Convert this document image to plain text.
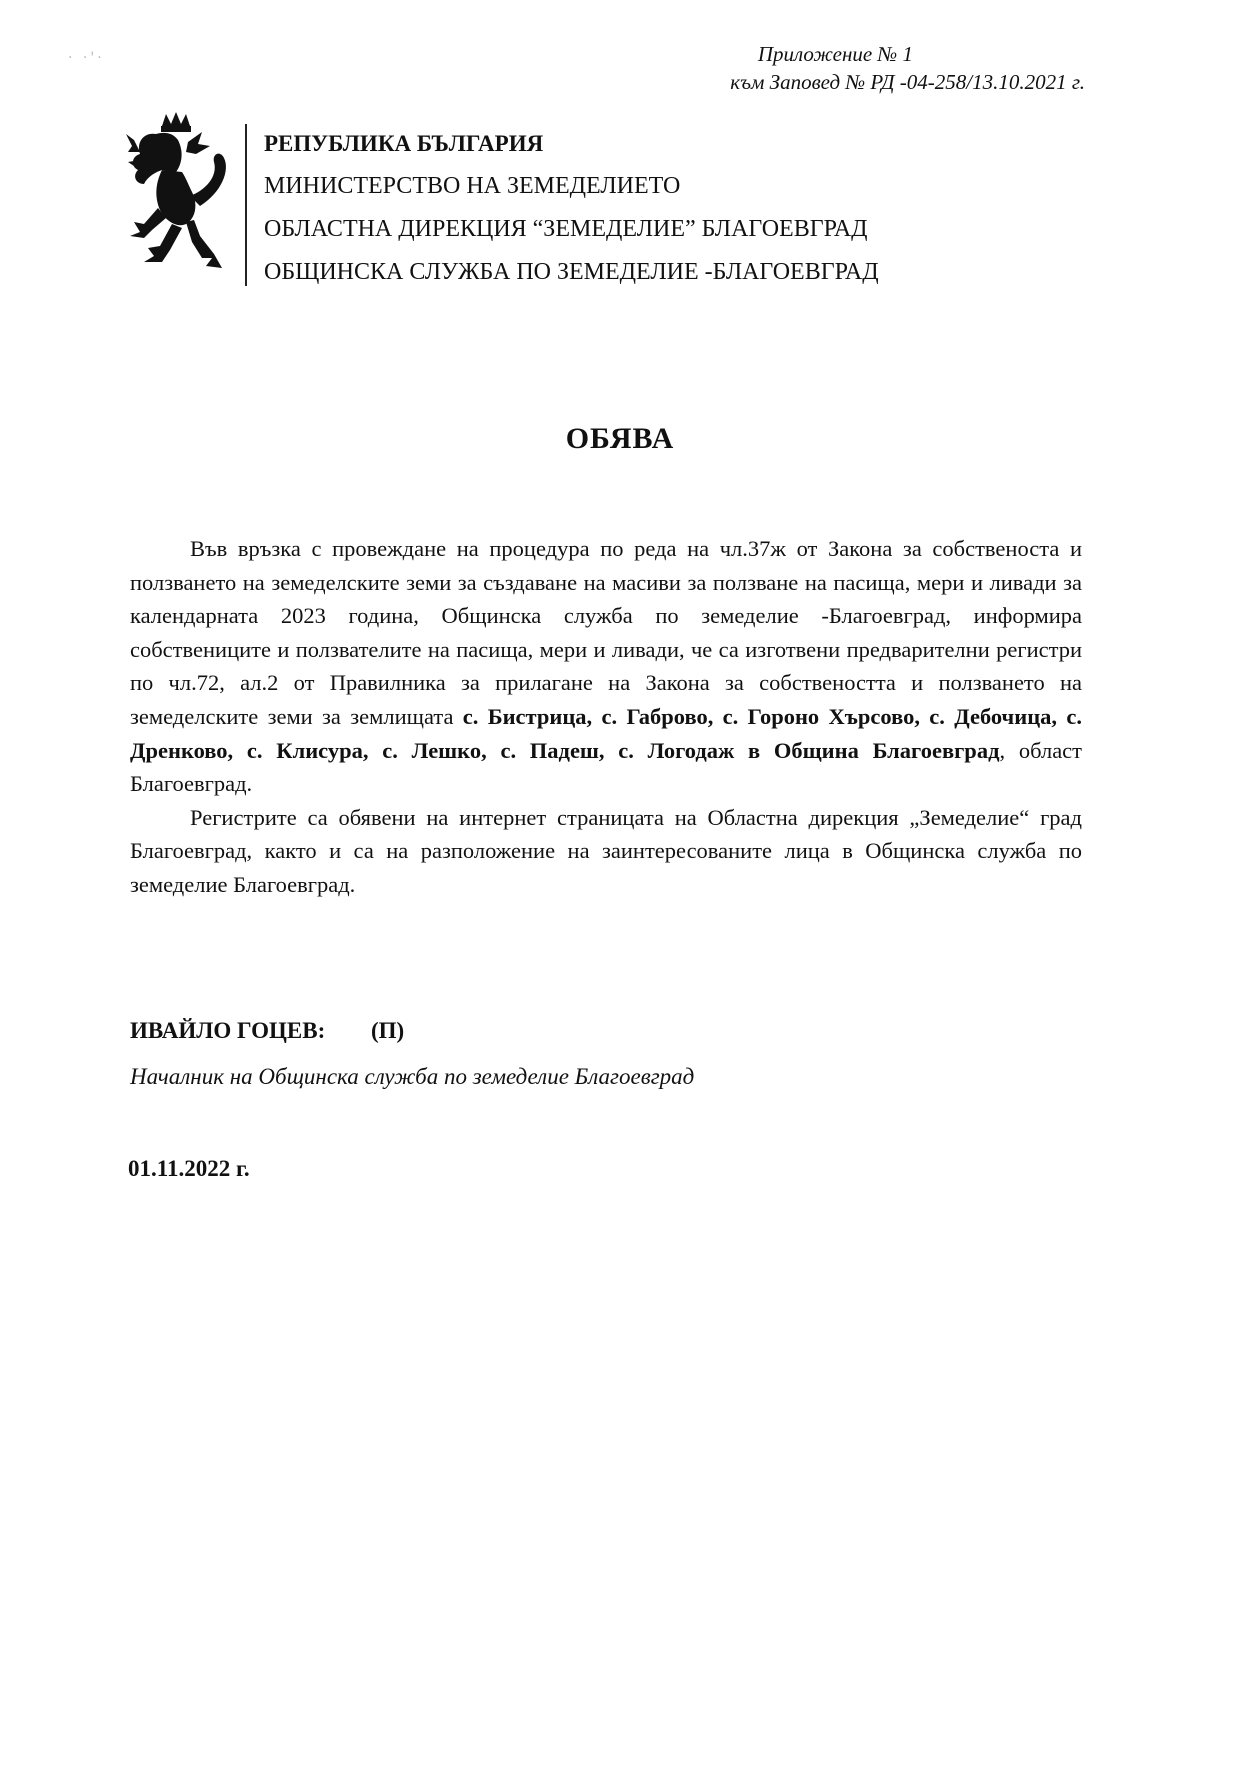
· ·'·	Приложение № 1
към Заповед № РД -04-258/13.10.2021 г.
РЕПУБЛИКА БЪЛГАРИЯ
МИНИСТЕРСТВО НА ЗЕМЕДЕЛИЕТО
ОБЛАСТНА ДИРЕКЦИЯ “ЗЕМЕДЕЛИЕ” БЛАГОЕВГРАД
ОБЩИНСКА СЛУЖБА ПО ЗЕМЕДЕЛИЕ -БЛАГОЕВГРАД
ОБЯВА

Във връзка с провеждане на процедура по реда на чл.37ж от Закона за собственоста и ползването на земеделските земи за създаване на масиви за ползване на пасища, мери и ливади за календарната 2023 година, Общинска служба по земеделие -Благоевград, информира собствениците и ползвателите на пасища, мери и ливади, че са изготвени предварителни регистри по чл.72, ал.2 от Правилника за прилагане на Закона за собствеността и ползването на земеделските земи за землищата с. Бистрица, с. Габрово, с. Гороно Хърсово, с. Дебочица, с. Дренково, с. Клисура, с. Лешко, с. Падеш, с. Логодаж в Община Благоевград, област Благоевград.

Регистрите са обявени на интернет страницата на Областна дирекция „Земеделие“ град Благоевград, както и са на разположение на заинтересованите лица в Общинска служба по земеделие Благоевград.

ИВАЙЛО ГОЦЕВ: (П)
Началник на Общинска служба по земеделие Благоевград
01.11.2022 г.
